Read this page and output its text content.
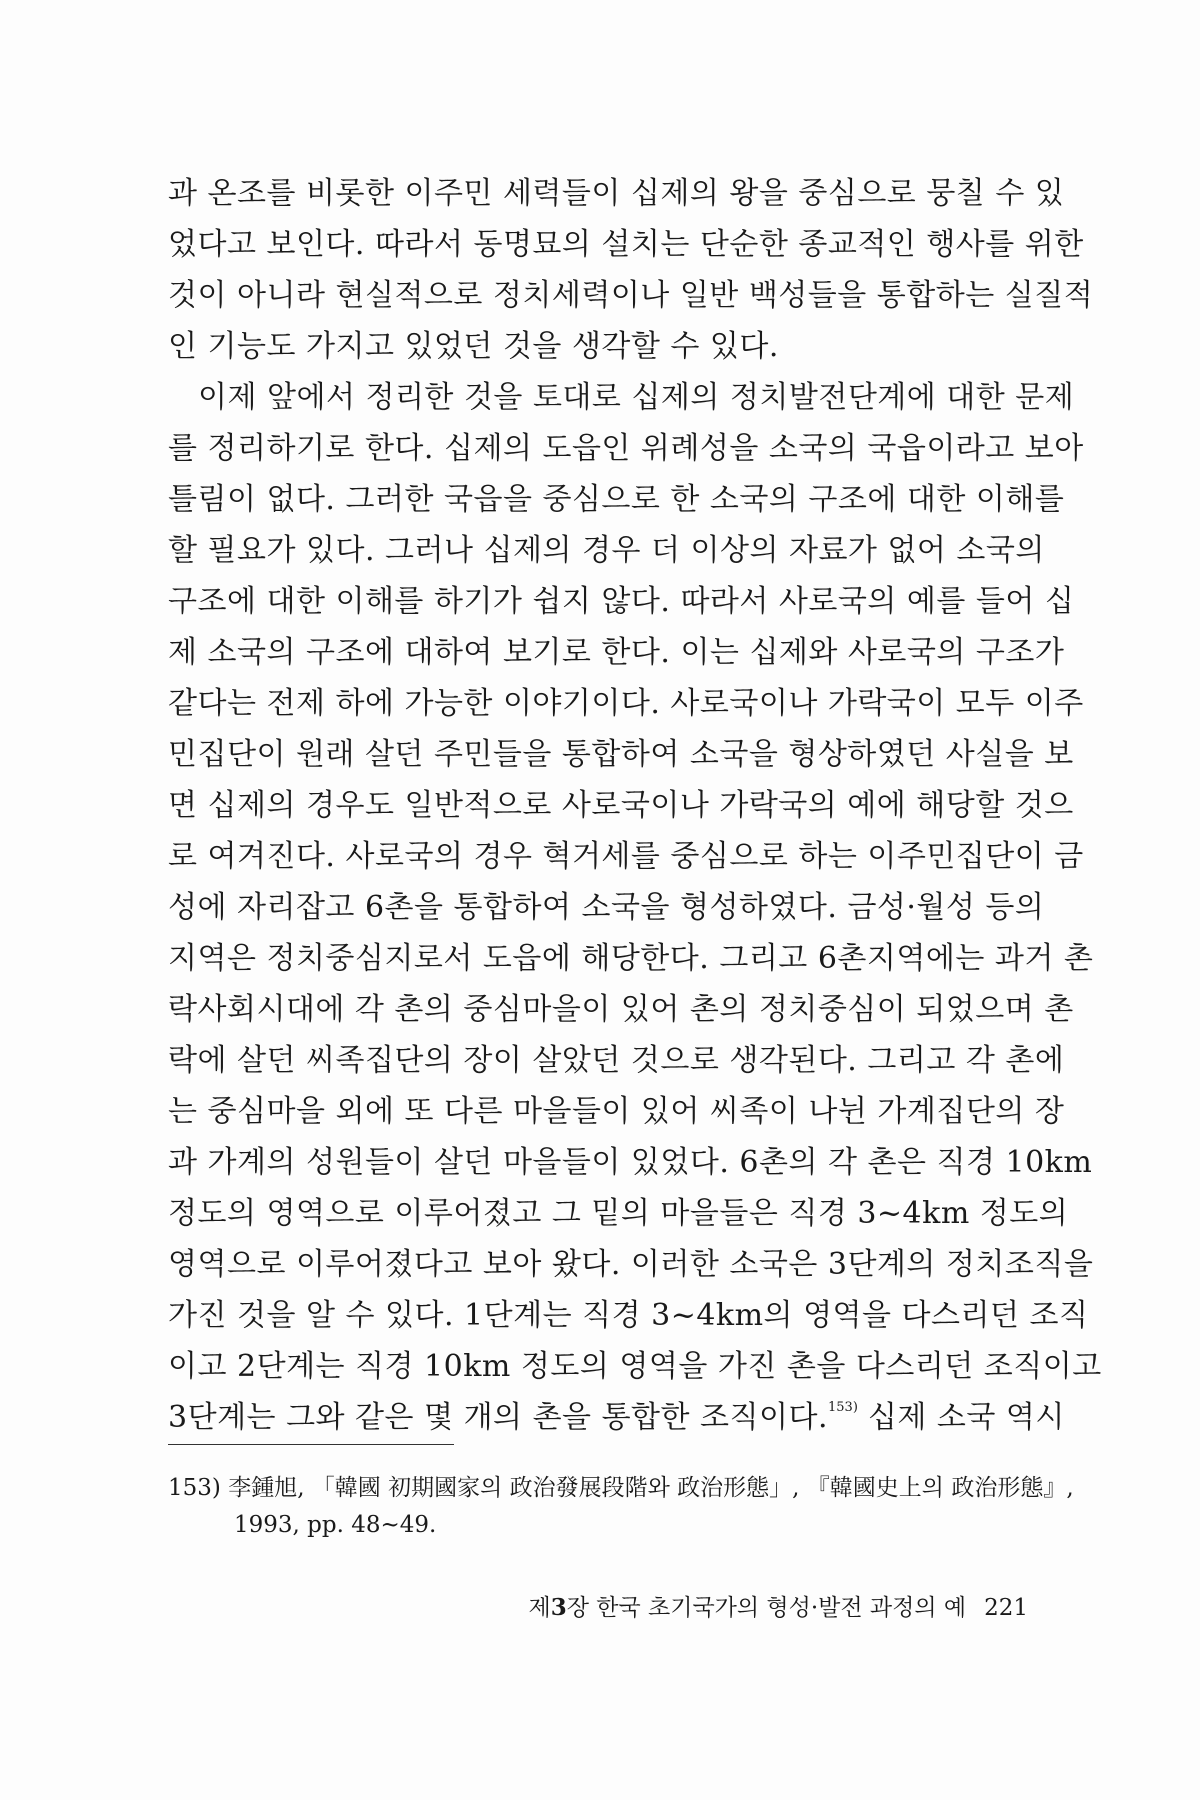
과 온조를 비롯한 이주민 세력들이 십제의 왕을 중심으로 뭉칠 수 있
었다고 보인다. 따라서 동명묘의 설치는 단순한 종교적인 행사를 위한
것이 아니라 현실적으로 정치세력이나 일반 백성들을 통합하는 실질적
인 기능도 가지고 있었던 것을 생각할 수 있다.
이제 앞에서 정리한 것을 토대로 십제의 정치발전단계에 대한 문제
를 정리하기로 한다. 십제의 도읍인 위례성을 소국의 국읍이라고 보아
틀림이 없다. 그러한 국읍을 중심으로 한 소국의 구조에 대한 이해를
할 필요가 있다. 그러나 십제의 경우 더 이상의 자료가 없어 소국의
구조에 대한 이해를 하기가 쉽지 않다. 따라서 사로국의 예를 들어 십
제 소국의 구조에 대하여 보기로 한다. 이는 십제와 사로국의 구조가
같다는 전제 하에 가능한 이야기이다. 사로국이나 가락국이 모두 이주
민집단이 원래 살던 주민들을 통합하여 소국을 형상하였던 사실을 보
면 십제의 경우도 일반적으로 사로국이나 가락국의 예에 해당할 것으
로 여겨진다. 사로국의 경우 혁거세를 중심으로 하는 이주민집단이 금
성에 자리잡고 6촌을 통합하여 소국을 형성하였다. 금성·월성 등의
지역은 정치중심지로서 도읍에 해당한다. 그리고 6촌지역에는 과거 촌
락사회시대에 각 촌의 중심마을이 있어 촌의 정치중심이 되었으며 촌
락에 살던 씨족집단의 장이 살았던 것으로 생각된다. 그리고 각 촌에
는 중심마을 외에 또 다른 마을들이 있어 씨족이 나뉜 가계집단의 장
과 가계의 성원들이 살던 마을들이 있었다. 6촌의 각 촌은 직경 10km
정도의 영역으로 이루어졌고 그 밑의 마을들은 직경 3~4km 정도의
영역으로 이루어졌다고 보아 왔다. 이러한 소국은 3단계의 정치조직을
가진 것을 알 수 있다. 1단계는 직경 3~4km의 영역을 다스리던 조직
이고 2단계는 직경 10km 정도의 영역을 가진 촌을 다스리던 조직이고
3단계는 그와 같은 몇 개의 촌을 통합한 조직이다.$^{153)}$ 십제 소국 역시
153) 李鍾旭, 「韓國 初期國家의 政治發展段階와 政治形態」, 『韓國史上의 政治形態』,
1993, pp. 48~49.
제3장 한국 초기국가의 형성·발전 과정의 예 221
